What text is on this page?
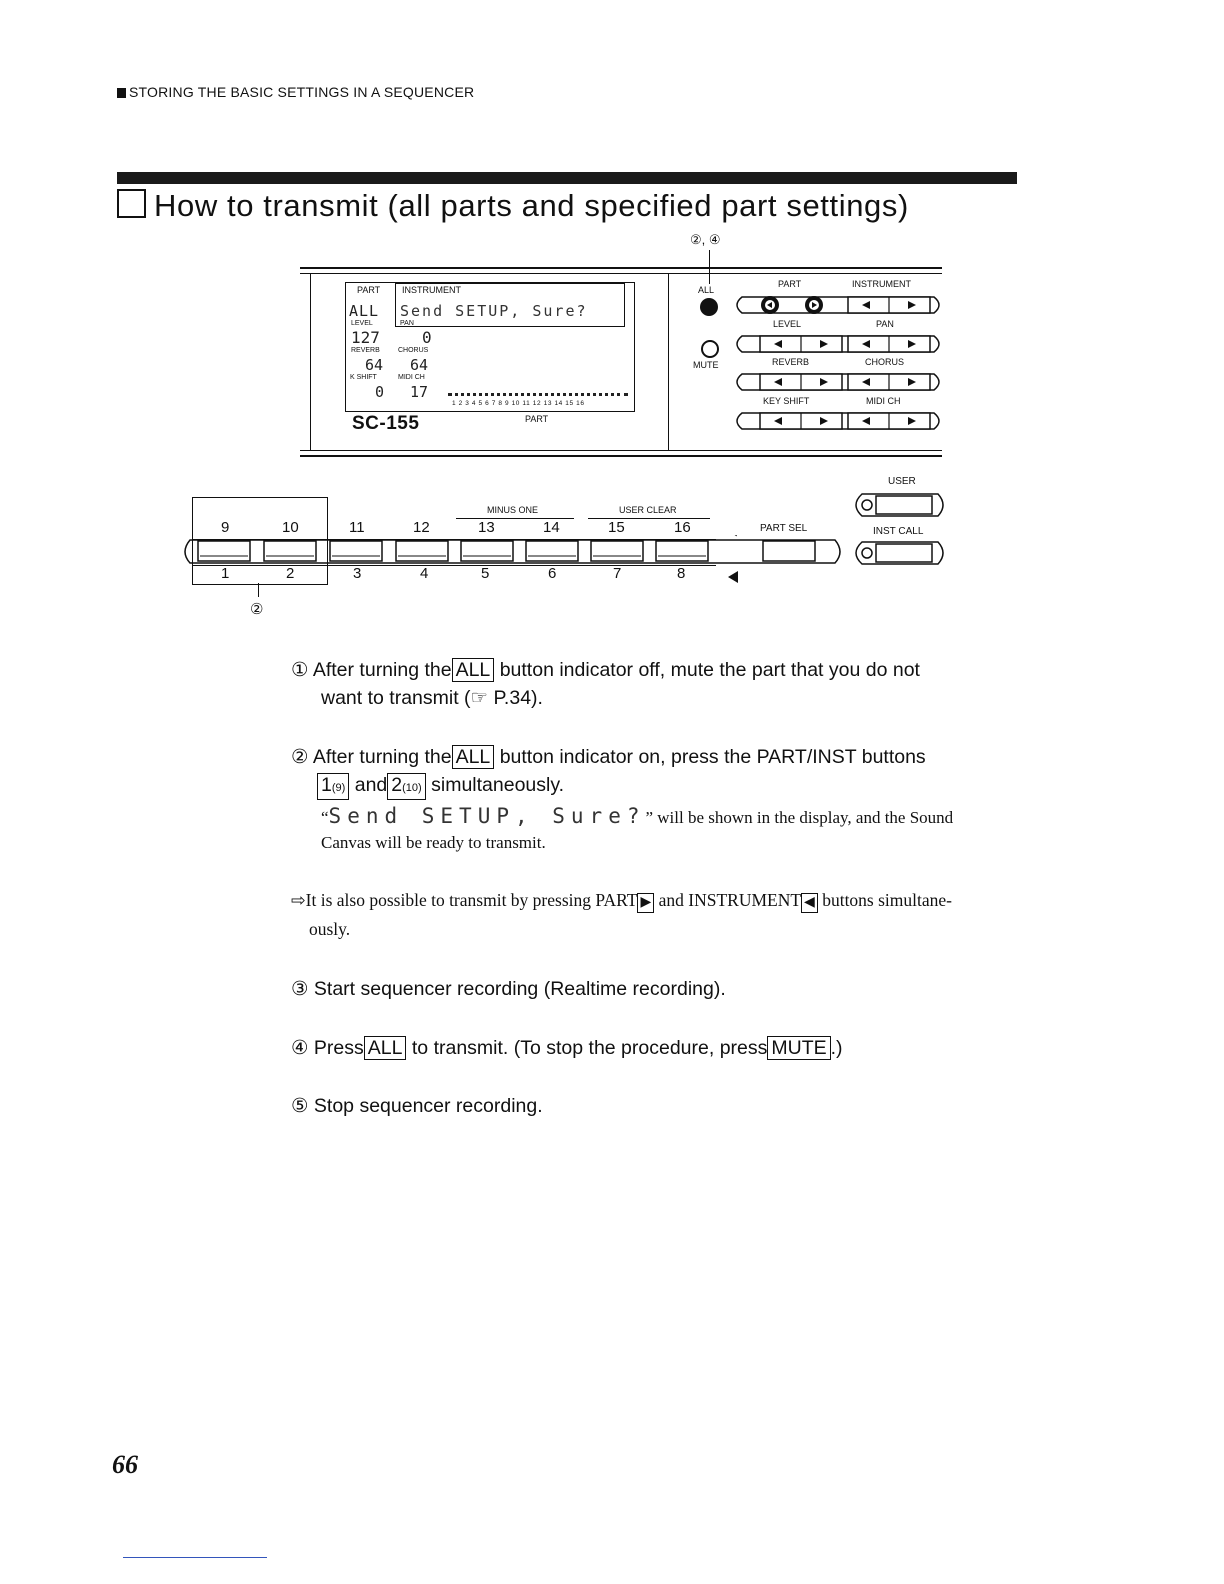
STORING THE BASIC SETTINGS IN A SEQUENCER
How to transmit (all parts and specified part settings)
②, ④
PART INSTRUMENT
ALL Send SETUP, Sure?
LEVEL	PAN
127	0
REVERB	CHORUS
64 64
K SHIFT	MIDI CH
0 17
1 2 3 4 5 6 7 8 9 10 11 12 13 14 15 16
SC-155	PART
ALL
MUTE
PART	INSTRUMENT
LEVEL	PAN
REVERB	CHORUS
KEY SHIFT	MIDI CH
MINUS ONE	USER CLEAR
9	10	11	12	13	14	15	16	PART SEL
USER
INST CALL
1	2	3	4	5	6	7	8
②
① After turning the ALL button indicator off, mute the part that you do not
want to transmit (☞ P.34).
② After turning the ALL button indicator on, press the PART/INST buttons
1(9) and 2(10) simultaneously.
“Send SETUP, Sure?” will be shown in the display, and the Sound
Canvas will be ready to transmit.
⇨It is also possible to transmit by pressing PART ▶ and INSTRUMENT ◀ buttons simultane-
ously.
③ Start sequencer recording (Realtime recording).
④ Press ALL to transmit. (To stop the procedure, press MUTE .)
⑤ Stop sequencer recording.
66
